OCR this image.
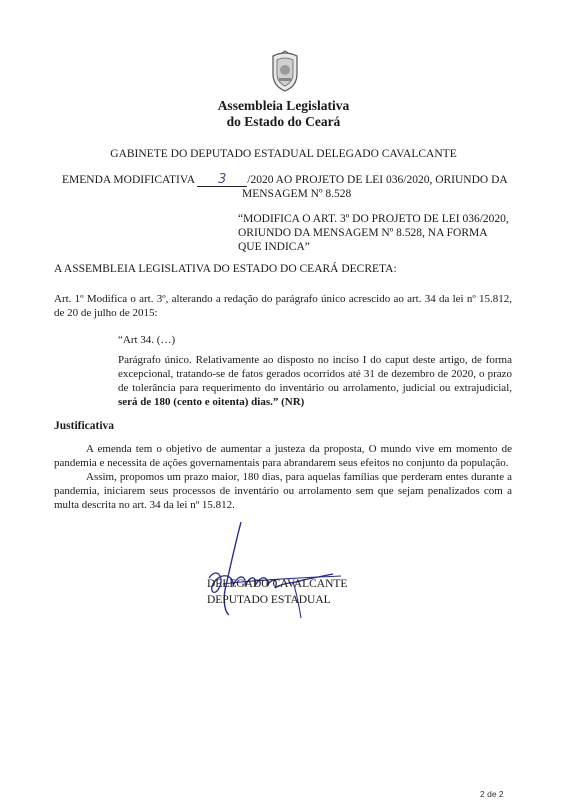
Assembleia Legislativa
do Estado do Ceará
GABINETE DO DEPUTADO ESTADUAL DELEGADO CAVALCANTE
EMENDA MODIFICATIVA 3 /2020 AO PROJETO DE LEI 036/2020, ORIUNDO DA
MENSAGEM Nº 8.528
“MODIFICA O ART. 3º DO PROJETO DE LEI 036/2020, ORIUNDO DA MENSAGEM Nº 8.528, NA FORMA QUE INDICA”
A ASSEMBLEIA LEGISLATIVA DO ESTADO DO CEARÁ DECRETA:
Art. 1º Modifica o art. 3º, alterando a redação do parágrafo único acrescido ao art. 34 da lei nº 15.812, de 20 de julho de 2015:

“Art 34. (…)

Parágrafo único. Relativamente ao disposto no inciso I do caput deste artigo, de forma excepcional, tratando-se de fatos gerados ocorridos até 31 de dezembro de 2020, o prazo de tolerância para requerimento do inventário ou arrolamento, judicial ou extrajudicial, será de 180 (cento e oitenta) dias.” (NR)

Justificativa

A emenda tem o objetivo de aumentar a justeza da proposta, O mundo vive em momento de pandemia e necessita de ações governamentais para abrandarem seus efeitos no conjunto da população.

Assim, propomos um prazo maior, 180 dias, para aquelas famílias que perderam entes durante a pandemia, iniciarem seus processos de inventário ou arrolamento sem que sejam penalizados com a multa descrita no art. 34 da lei nº 15.812.

DELEGADO CAVALCANTE
DEPUTADO ESTADUAL
2 de 2
